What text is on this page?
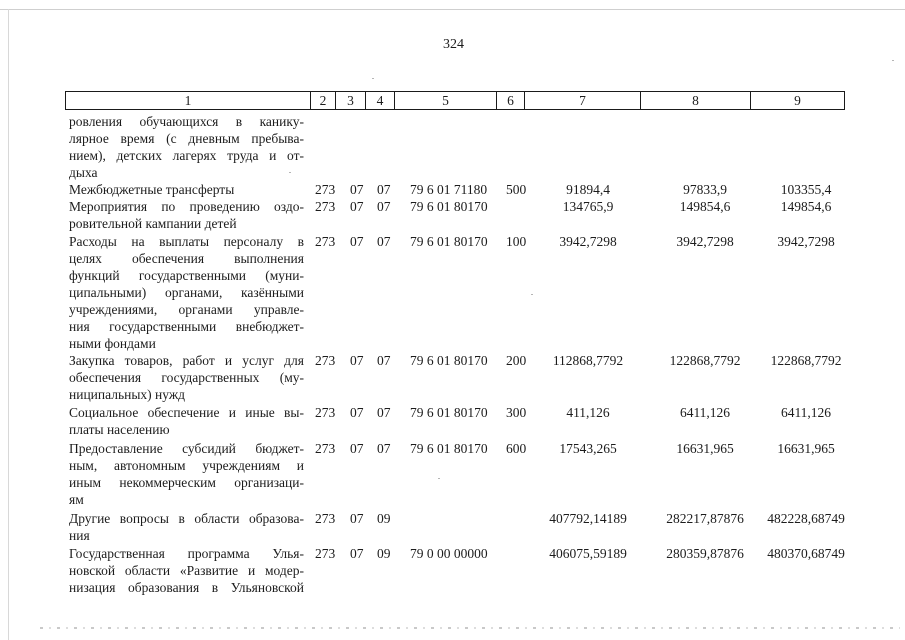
324
1	2	3	4	5	6	7	8	9
ровления обучающихся в канику-
лярное время (с дневным пребыва-
нием), детских лагерях труда и от-
дыха
Межбюджетные трансферты	273 07 07 79 6 01 71180 500	91894,4	97833,9	103355,4
Мероприятия по проведению оздо-
ровительной кампании детей
273 07 07 79 6 01 80170	134765,9	149854,6	149854,6
Расходы на выплаты персоналу в
целях обеспечения выполнения
функций государственными (муни-
ципальными) органами, казёнными
учреждениями, органами управле-
ния государственными внебюджет-
ными фондами
273 07 07 79 6 01 80170 100	3942,7298	3942,7298	3942,7298
Закупка товаров, работ и услуг для
обеспечения государственных (му-
ниципальных) нужд
273 07 07 79 6 01 80170 200	112868,7792	122868,7792	122868,7792
Социальное обеспечение и иные вы-
платы населению
273 07 07 79 6 01 80170 300	411,126	6411,126	6411,126
Предоставление субсидий бюджет-
ным, автономным учреждениям и
иным некоммерческим организаци-
ям
273 07 07 79 6 01 80170 600	17543,265	16631,965	16631,965
Другие вопросы в области образова-
ния
273 07 09	407792,14189	282217,87876	482228,68749
Государственная программа Улья-
новской области «Развитие и модер-
низация образования в Ульяновской
273 07 09 79 0 00 00000	406075,59189	280359,87876	480370,68749
